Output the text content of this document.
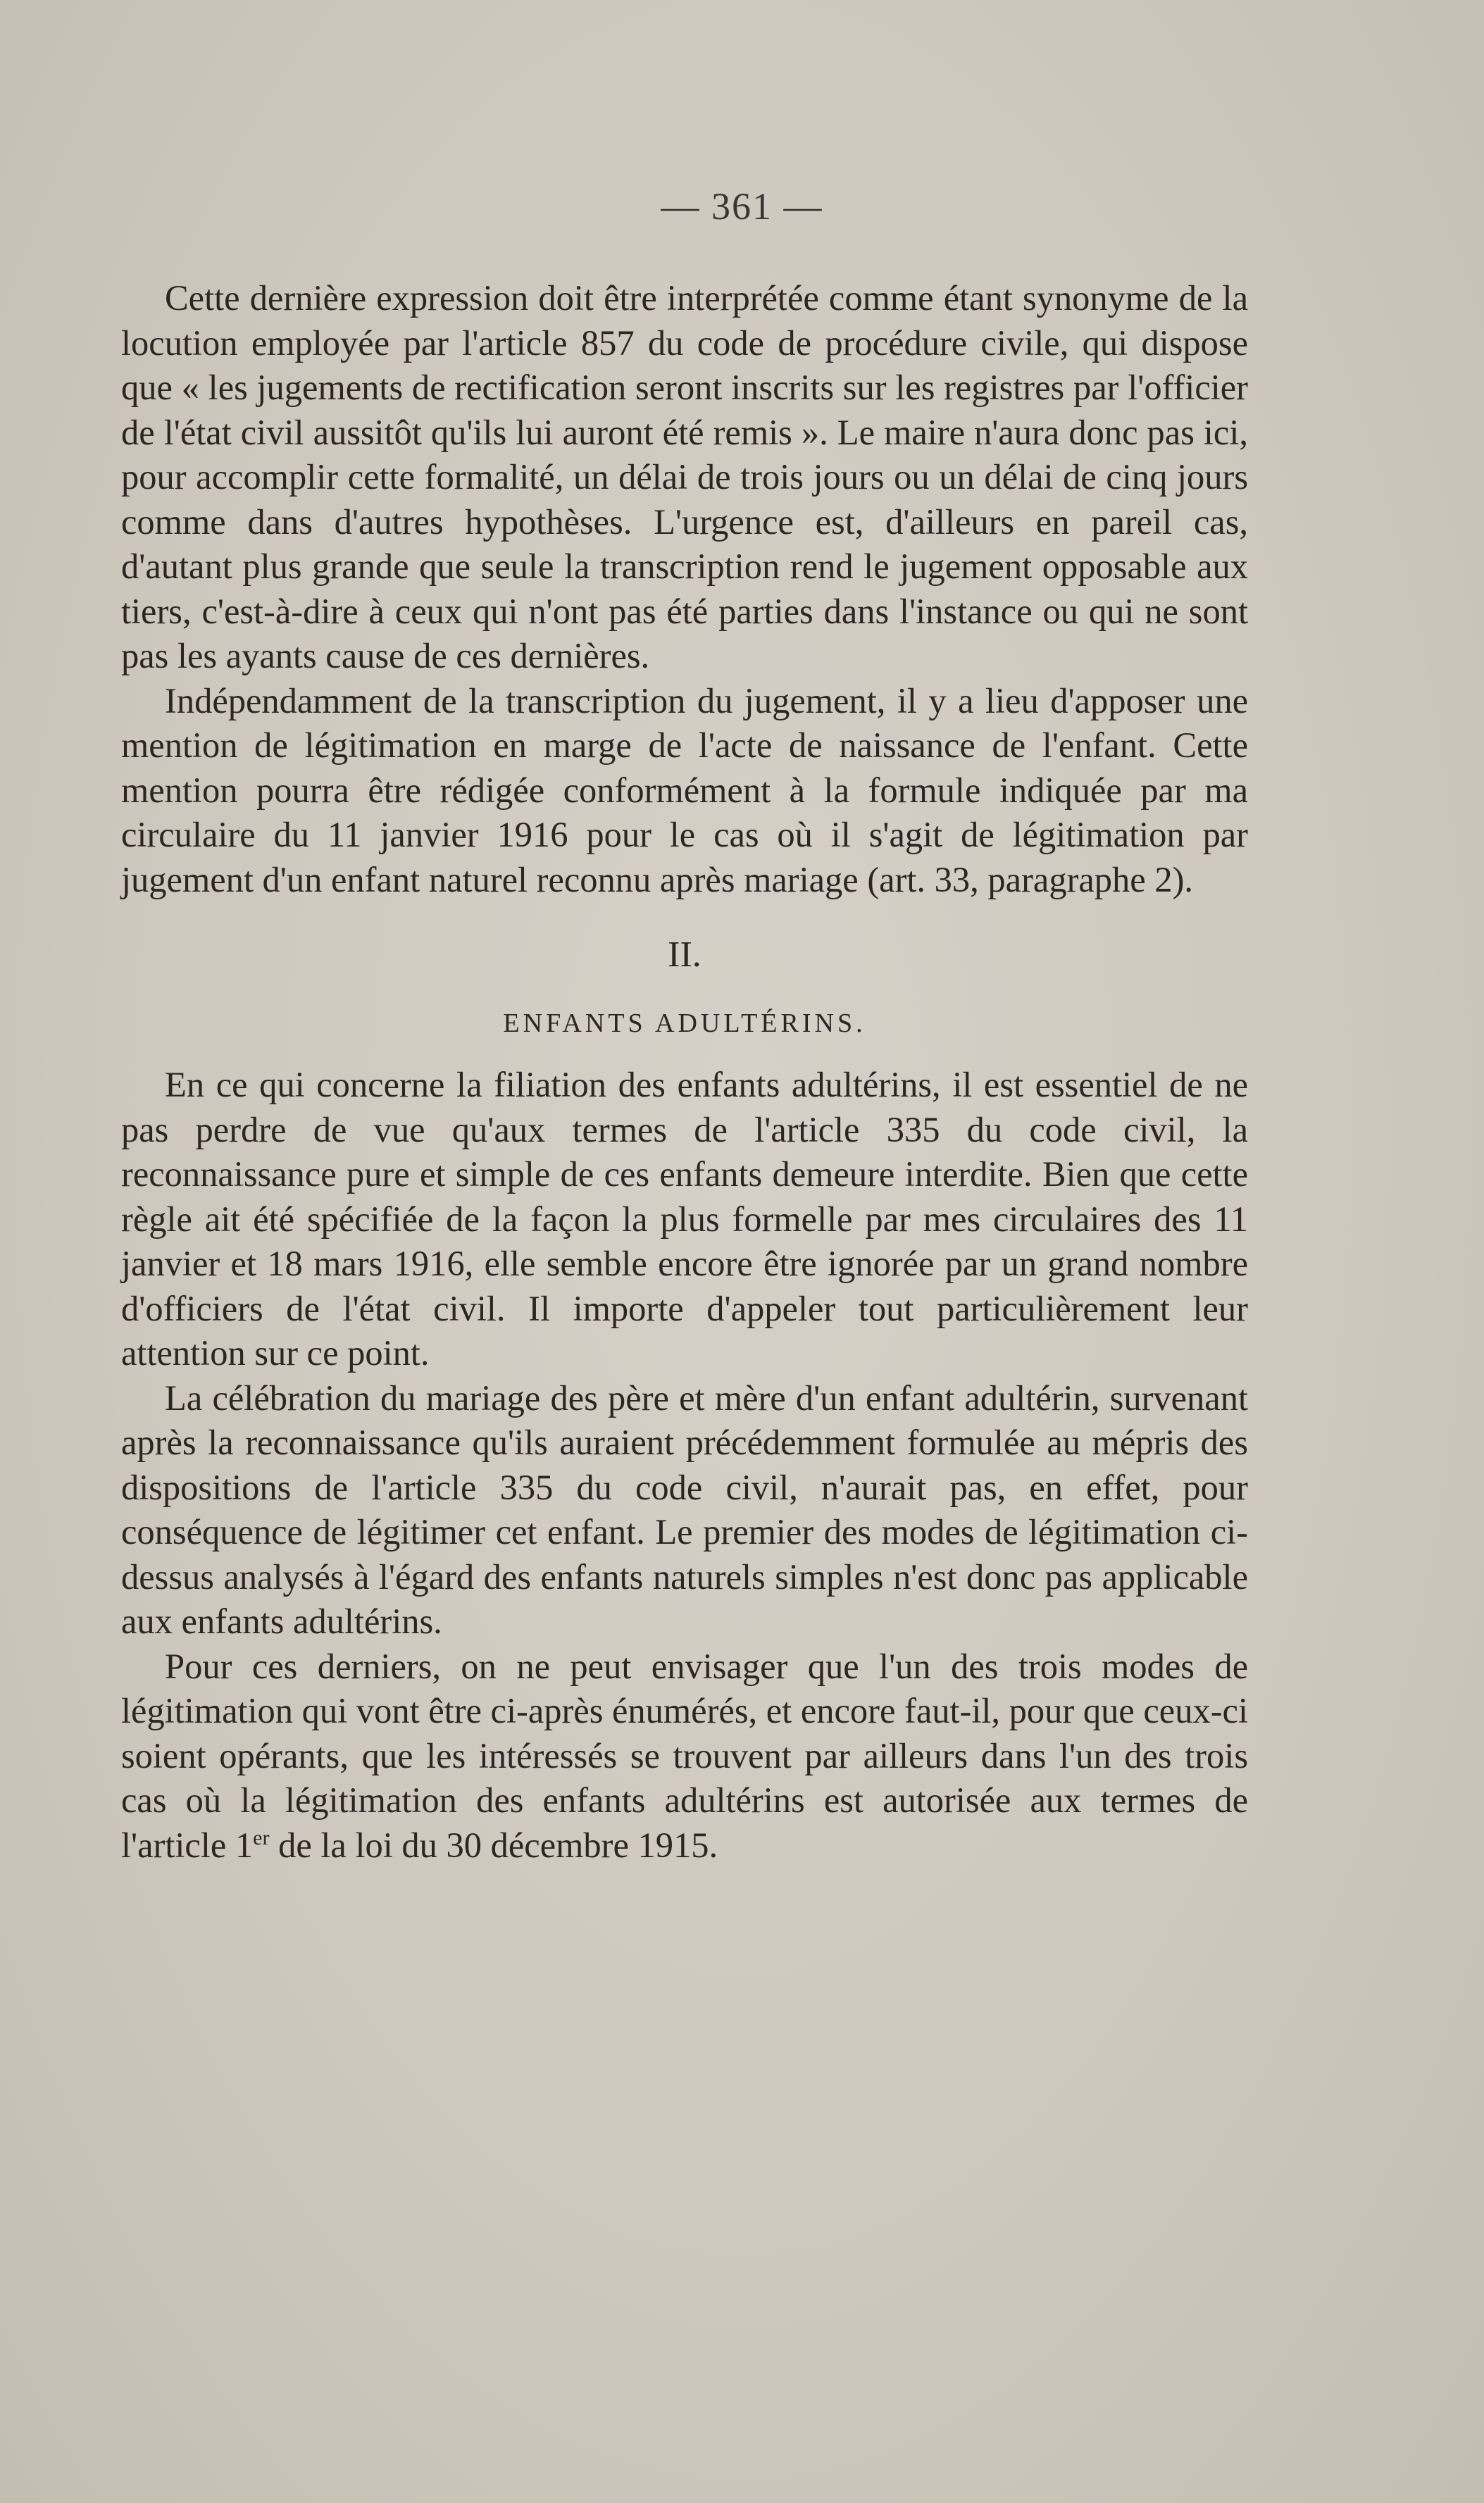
— 361 —

Cette dernière expression doit être interprétée comme étant synonyme de la locution employée par l'article 857 du code de procédure civile, qui dispose que « les jugements de rectification seront inscrits sur les registres par l'officier de l'état civil aussitôt qu'ils lui auront été remis ». Le maire n'aura donc pas ici, pour accomplir cette formalité, un délai de trois jours ou un délai de cinq jours comme dans d'autres hypothèses. L'urgence est, d'ailleurs en pareil cas, d'autant plus grande que seule la transcription rend le jugement opposable aux tiers, c'est-à-dire à ceux qui n'ont pas été parties dans l'instance ou qui ne sont pas les ayants cause de ces dernières.

Indépendamment de la transcription du jugement, il y a lieu d'apposer une mention de légitimation en marge de l'acte de naissance de l'enfant. Cette mention pourra être rédigée conformément à la formule indiquée par ma circulaire du 11 janvier 1916 pour le cas où il s'agit de légitimation par jugement d'un enfant naturel reconnu après mariage (art. 33, paragraphe 2).

II.
ENFANTS ADULTÉRINS.

En ce qui concerne la filiation des enfants adultérins, il est essentiel de ne pas perdre de vue qu'aux termes de l'article 335 du code civil, la reconnaissance pure et simple de ces enfants demeure interdite. Bien que cette règle ait été spécifiée de la façon la plus formelle par mes circulaires des 11 janvier et 18 mars 1916, elle semble encore être ignorée par un grand nombre d'officiers de l'état civil. Il importe d'appeler tout particulièrement leur attention sur ce point.

La célébration du mariage des père et mère d'un enfant adultérin, survenant après la reconnaissance qu'ils auraient précédemment formulée au mépris des dispositions de l'article 335 du code civil, n'aurait pas, en effet, pour conséquence de légitimer cet enfant. Le premier des modes de légitimation ci-dessus analysés à l'égard des enfants naturels simples n'est donc pas applicable aux enfants adultérins.

Pour ces derniers, on ne peut envisager que l'un des trois modes de légitimation qui vont être ci-après énumérés, et encore faut-il, pour que ceux-ci soient opérants, que les intéressés se trouvent par ailleurs dans l'un des trois cas où la légitimation des enfants adultérins est autorisée aux termes de l'article 1er de la loi du 30 décembre 1915.
